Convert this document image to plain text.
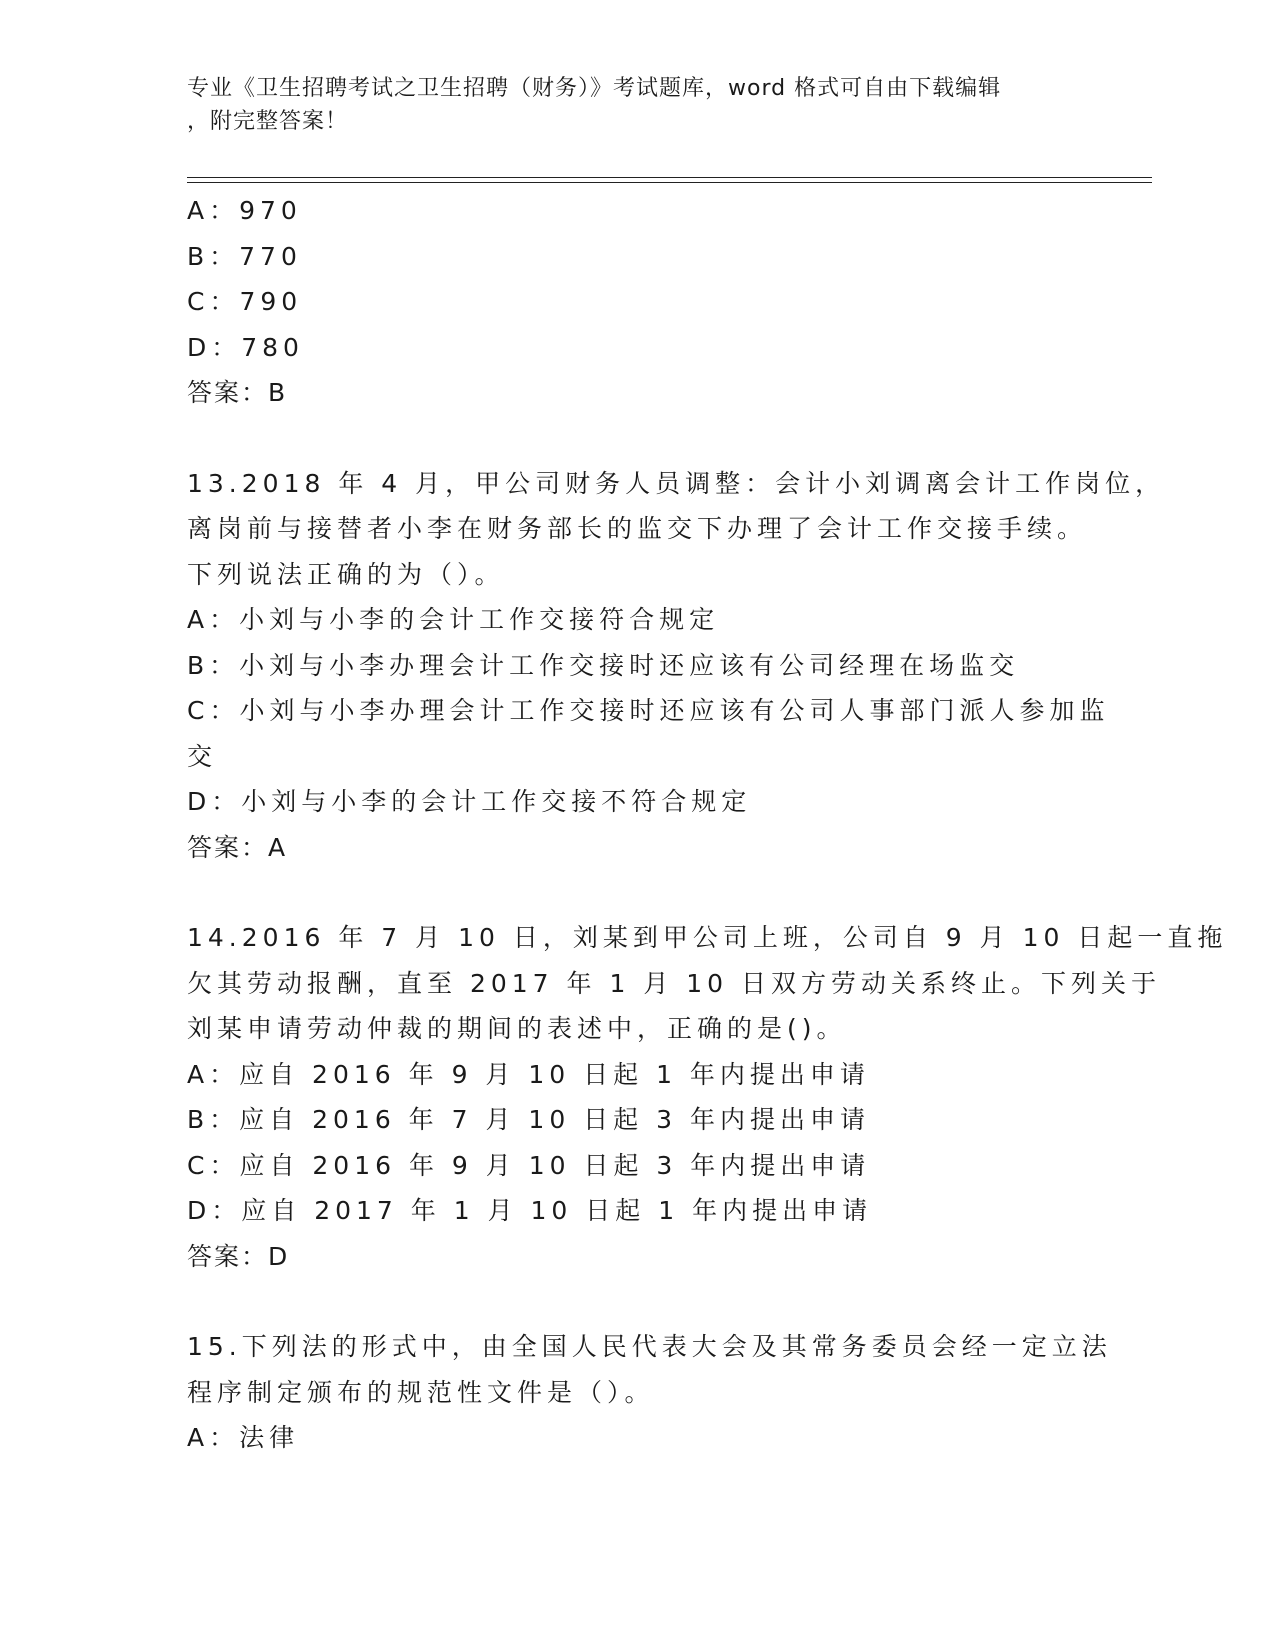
专业《卫生招聘考试之卫生招聘（财务）》考试题库，word 格式可自由下载编辑
，附完整答案！
A：970
B：770
C：790
D：780
答案：B
13.2018 年 4 月，甲公司财务人员调整：会计小刘调离会计工作岗位，
离岗前与接替者小李在财务部长的监交下办理了会计工作交接手续。
下列说法正确的为（）。
A：小刘与小李的会计工作交接符合规定
B：小刘与小李办理会计工作交接时还应该有公司经理在场监交
C：小刘与小李办理会计工作交接时还应该有公司人事部门派人参加监
交
D：小刘与小李的会计工作交接不符合规定
答案：A
14.2016 年 7 月 10 日，刘某到甲公司上班，公司自 9 月 10 日起一直拖
欠其劳动报酬，直至 2017 年 1 月 10 日双方劳动关系终止。下列关于
刘某申请劳动仲裁的期间的表述中，正确的是()。
A：应自 2016 年 9 月 10 日起 1 年内提出申请
B：应自 2016 年 7 月 10 日起 3 年内提出申请
C：应自 2016 年 9 月 10 日起 3 年内提出申请
D：应自 2017 年 1 月 10 日起 1 年内提出申请
答案：D
15.下列法的形式中，由全国人民代表大会及其常务委员会经一定立法
程序制定颁布的规范性文件是（）。
A：法律
